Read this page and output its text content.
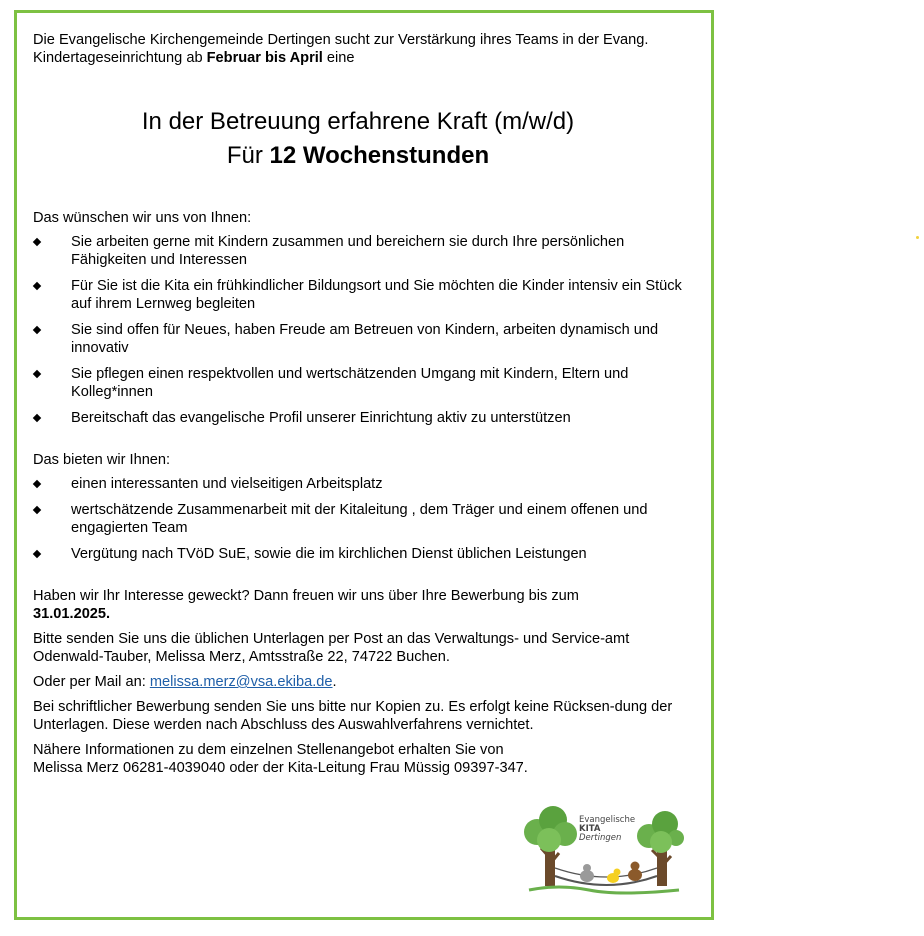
Die Evangelische Kirchengemeinde Dertingen sucht zur Verstärkung ihres Teams in der Evang. Kindertageseinrichtung ab Februar bis April eine

In der Betreuung erfahrene Kraft (m/w/d)
Für 12 Wochenstunden
Das wünschen wir uns von Ihnen:
Sie arbeiten gerne mit Kindern zusammen und bereichern sie durch Ihre persönlichen Fähigkeiten und Interessen
Für Sie ist die Kita ein frühkindlicher Bildungsort und Sie möchten die Kinder intensiv ein Stück auf ihrem Lernweg begleiten
Sie sind offen für Neues, haben Freude am Betreuen von Kindern, arbeiten dynamisch und innovativ
Sie pflegen einen respektvollen und wertschätzenden Umgang mit Kindern, Eltern und Kolleg*innen
Bereitschaft das evangelische Profil unserer Einrichtung aktiv zu unterstützen
Das bieten wir Ihnen:
einen interessanten und vielseitigen Arbeitsplatz
wertschätzende Zusammenarbeit mit der Kitaleitung , dem Träger und einem offenen und engagierten Team
Vergütung nach TVöD SuE, sowie die im kirchlichen Dienst üblichen Leistungen

Haben wir Ihr Interesse geweckt? Dann freuen wir uns über Ihre Bewerbung bis zum
31.01.2025.

Bitte senden Sie uns die üblichen Unterlagen per Post an das Verwaltungs- und Service-amt Odenwald-Tauber, Melissa Merz, Amtsstraße 22, 74722 Buchen.

Oder per Mail an: melissa.merz@vsa.ekiba.de.

Bei schriftlicher Bewerbung senden Sie uns bitte nur Kopien zu. Es erfolgt keine Rücksen-dung der Unterlagen. Diese werden nach Abschluss des Auswahlverfahrens vernichtet.

Nähere Informationen zu dem einzelnen Stellenangebot erhalten Sie von
Melissa Merz 06281-4039040 oder der Kita-Leitung Frau Müssig 09397-347.

Evangelische
KITA
Dertingen
